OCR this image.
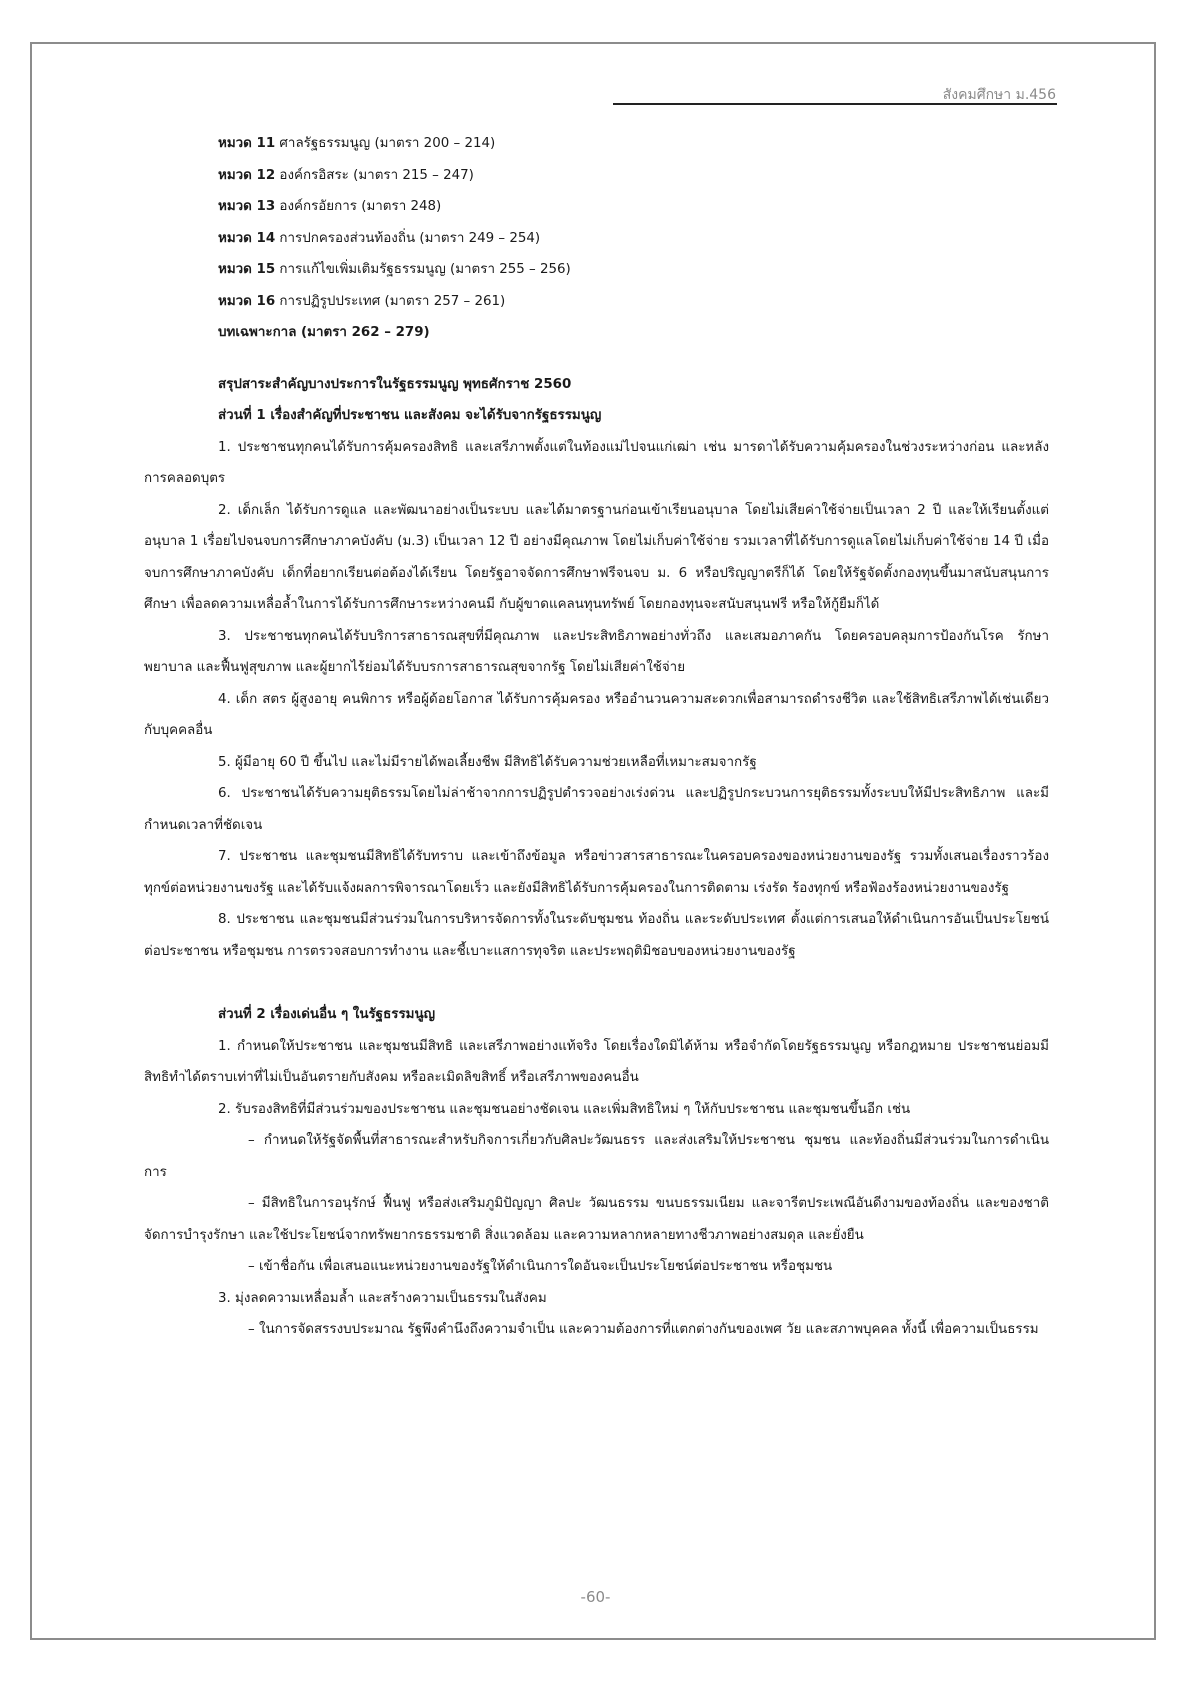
สังคมศึกษา ม.456
หมวด 11 ศาลรัฐธรรมนูญ (มาตรา 200 – 214)
หมวด 12 องค์กรอิสระ (มาตรา 215 – 247)
หมวด 13 องค์กรอัยการ (มาตรา 248)
หมวด 14 การปกครองส่วนท้องถิ่น (มาตรา 249 – 254)
หมวด 15 การแก้ไขเพิ่มเติมรัฐธรรมนูญ (มาตรา 255 – 256)
หมวด 16 การปฏิรูปประเทศ (มาตรา 257 – 261)
บทเฉพาะกาล (มาตรา 262 – 279)
สรุปสาระสำคัญบางประการในรัฐธรรมนูญ พุทธศักราช 2560
ส่วนที่ 1 เรื่องสำคัญที่ประชาชน และสังคม จะได้รับจากรัฐธรรมนูญ

1. ประชาชนทุกคนได้รับการคุ้มครองสิทธิ และเสรีภาพตั้งแต่ในท้องแม่ไปจนแก่เฒ่า เช่น มารดาได้รับความคุ้มครองในช่วงระหว่างก่อน และหลังการคลอดบุตร

2. เด็กเล็ก ได้รับการดูแล และพัฒนาอย่างเป็นระบบ และได้มาตรฐานก่อนเข้าเรียนอนุบาล โดยไม่เสียค่าใช้จ่ายเป็นเวลา 2 ปี และให้เรียนตั้งแต่อนุบาล 1 เรื่อยไปจนจบการศึกษาภาคบังคับ (ม.3) เป็นเวลา 12 ปี อย่างมีคุณภาพ โดยไม่เก็บค่าใช้จ่าย รวมเวลาที่ได้รับการดูแลโดยไม่เก็บค่าใช้จ่าย 14 ปี เมื่อจบการศึกษาภาคบังคับ เด็กที่อยากเรียนต่อต้องได้เรียน โดยรัฐอาจจัดการศึกษาฟรีจนจบ ม. 6 หรือปริญญาตรีก็ได้ โดยให้รัฐจัดตั้งกองทุนขึ้นมาสนับสนุนการศึกษา เพื่อลดความเหลื่อล้ำในการได้รับการศึกษาระหว่างคนมี กับผู้ขาดแคลนทุนทรัพย์ โดยกองทุนจะสนับสนุนฟรี หรือให้กู้ยืมก็ได้

3. ประชาชนทุกคนได้รับบริการสาธารณสุขที่มีคุณภาพ และประสิทธิภาพอย่างทั่วถึง และเสมอภาคกัน โดยครอบคลุมการป้องกันโรค รักษาพยาบาล และฟื้นฟูสุขภาพ และผู้ยากไร้ย่อมได้รับบรการสาธารณสุขจากรัฐ โดยไม่เสียค่าใช้จ่าย

4. เด็ก สตร ผู้สูงอายุ คนพิการ หรือผู้ด้อยโอกาส ได้รับการคุ้มครอง หรืออำนวนความสะดวกเพื่อสามารถดำรงชีวิต และใช้สิทธิเสรีภาพได้เช่นเดียวกับบุคคลอื่น

5. ผู้มีอายุ 60 ปี ขึ้นไป และไม่มีรายได้พอเลี้ยงชีพ มีสิทธิได้รับความช่วยเหลือที่เหมาะสมจากรัฐ

6. ประชาชนได้รับความยุติธรรมโดยไม่ล่าช้าจากการปฏิรูปตำรวจอย่างเร่งด่วน และปฏิรูปกระบวนการยุติธรรมทั้งระบบให้มีประสิทธิภาพ และมีกำหนดเวลาที่ชัดเจน

7. ประชาชน และชุมชนมีสิทธิได้รับทราบ และเข้าถึงข้อมูล หรือข่าวสารสาธารณะในครอบครองของหน่วยงานของรัฐ รวมทั้งเสนอเรื่องราวร้องทุกข์ต่อหน่วยงานขงรัฐ และได้รับแจ้งผลการพิจารณาโดยเร็ว และยังมีสิทธิได้รับการคุ้มครองในการติดตาม เร่งรัด ร้องทุกข์ หรือฟ้องร้องหน่วยงานของรัฐ

8. ประชาชน และชุมชนมีส่วนร่วมในการบริหารจัดการทั้งในระดับชุมชน ท้องถิ่น และระดับประเทศ ตั้งแต่การเสนอให้ดำเนินการอันเป็นประโยชน์ต่อประชาชน หรือชุมชน การตรวจสอบการทำงาน และชี้เบาะแสการทุจริต และประพฤติมิชอบของหน่วยงานของรัฐ

ส่วนที่ 2 เรื่องเด่นอื่น ๆ ในรัฐธรรมนูญ

1. กำหนดให้ประชาชน และชุมชนมีสิทธิ และเสรีภาพอย่างแท้จริง โดยเรื่องใดมิได้ห้าม หรือจำกัดโดยรัฐธรรมนูญ หรือกฎหมาย ประชาชนย่อมมีสิทธิทำได้ตราบเท่าที่ไม่เป็นอันตรายกับสังคม หรือละเมิดลิขสิทธิ์ หรือเสรีภาพของคนอื่น

2. รับรองสิทธิที่มีส่วนร่วมของประชาชน และชุมชนอย่างชัดเจน และเพิ่มสิทธิใหม่ ๆ ให้กับประชาชน และชุมชนขึ้นอีก เช่น

– กำหนดให้รัฐจัดพื้นที่สาธารณะสำหรับกิจการเกี่ยวกับศิลปะวัฒนธรร และส่งเสริมให้ประชาชน ชุมชน และท้องถิ่นมีส่วนร่วมในการดำเนินการ

– มีสิทธิในการอนุรักษ์ ฟื้นฟู หรือส่งเสริมภูมิปัญญา ศิลปะ วัฒนธรรม ขนบธรรมเนียม และจารีตประเพณีอันดีงามของท้องถิ่น และของชาติ จัดการบำรุงรักษา และใช้ประโยชน์จากทรัพยากรธรรมชาติ สิ่งแวดล้อม และความหลากหลายทางชีวภาพอย่างสมดุล และยั่งยืน

– เข้าชื่อกัน เพื่อเสนอแนะหน่วยงานของรัฐให้ดำเนินการใดอันจะเป็นประโยชน์ต่อประชาชน หรือชุมชน

3. มุ่งลดความเหลื่อมล้ำ และสร้างความเป็นธรรมในสังคม

– ในการจัดสรรงบประมาณ รัฐพึงคำนึงถึงความจำเป็น และความต้องการที่แตกต่างกันของเพศ วัย และสภาพบุคคล ทั้งนี้ เพื่อความเป็นธรรม

-60-
